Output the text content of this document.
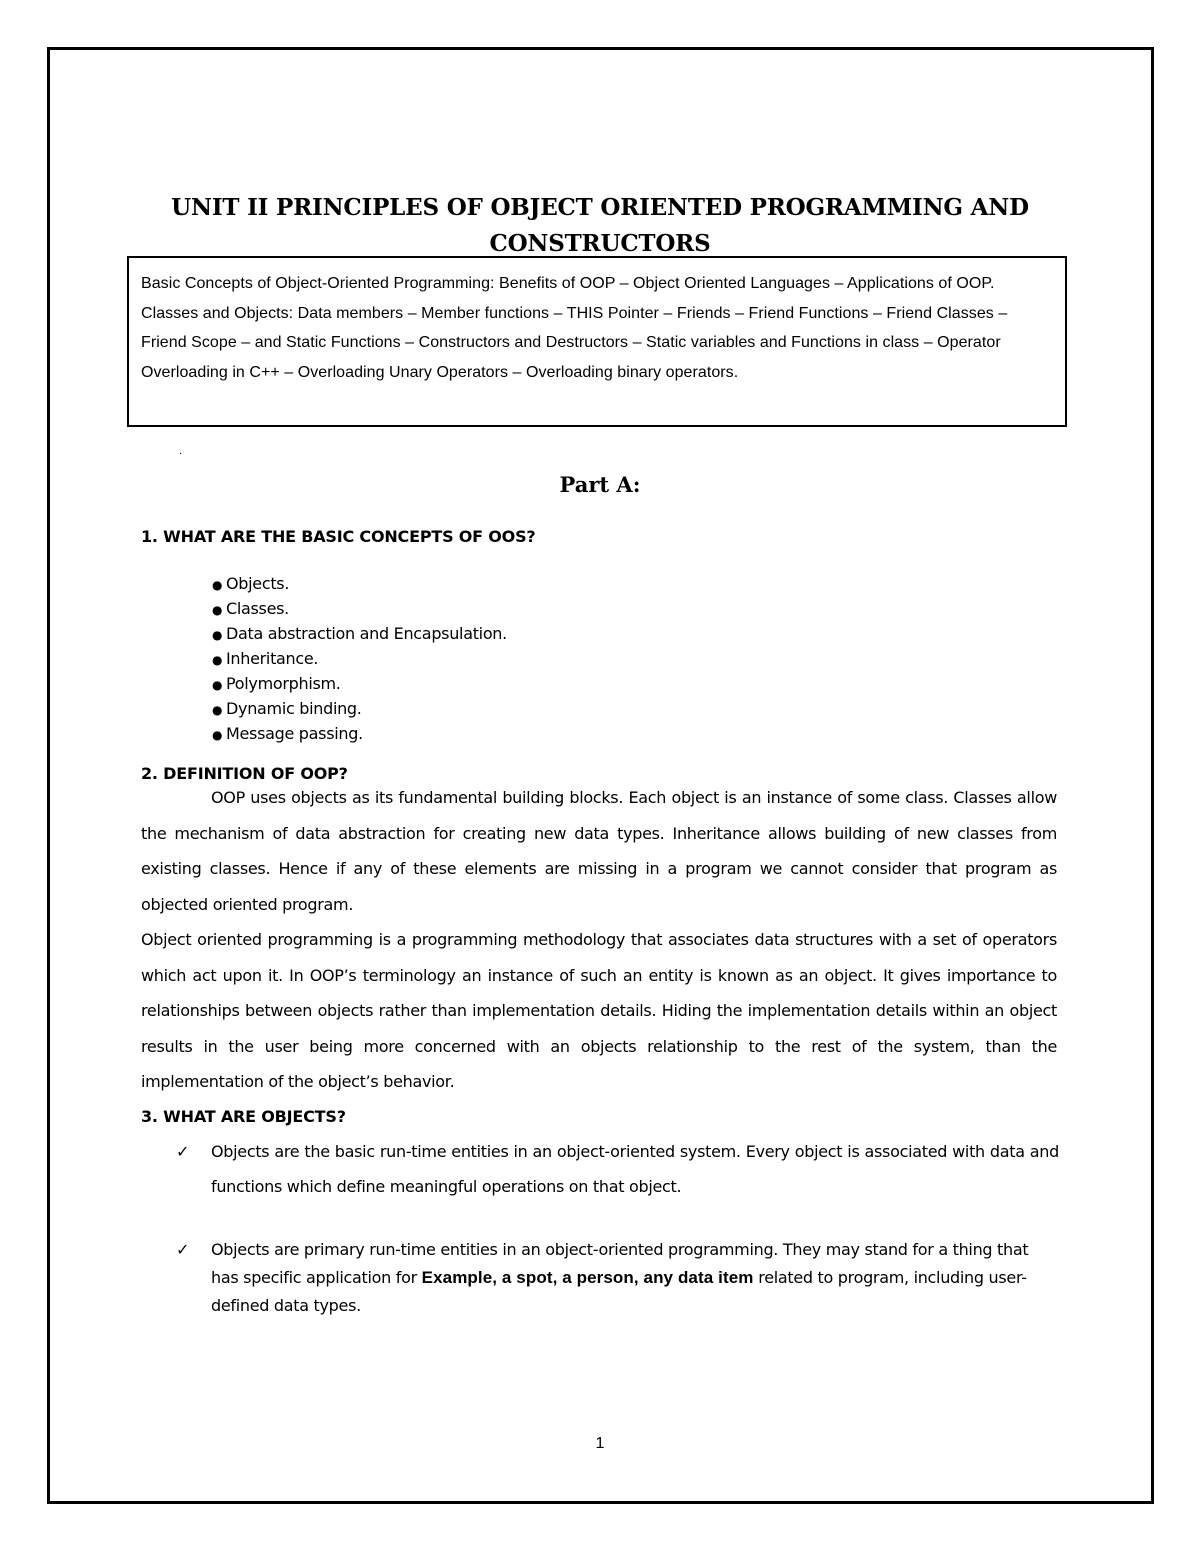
UNIT II PRINCIPLES OF OBJECT ORIENTED PROGRAMMING AND CONSTRUCTORS
Basic Concepts of Object-Oriented Programming: Benefits of OOP – Object Oriented Languages – Applications of OOP. Classes and Objects: Data members – Member functions – THIS Pointer – Friends – Friend Functions – Friend Classes – Friend Scope – and Static Functions – Constructors and Destructors – Static variables and Functions in class – Operator Overloading in C++ – Overloading Unary Operators – Overloading binary operators.
.
Part A:
1. WHAT ARE THE BASIC CONCEPTS OF OOS?
● Objects.
● Classes.
● Data abstraction and Encapsulation.
● Inheritance.
● Polymorphism.
● Dynamic binding.
● Message passing.
2. DEFINITION OF OOP?

OOP uses objects as its fundamental building blocks. Each object is an instance of some class. Classes allow the mechanism of data abstraction for creating new data types. Inheritance allows building of new classes from existing classes. Hence if any of these elements are missing in a program we cannot consider that program as objected oriented program.

Object oriented programming is a programming methodology that associates data structures with a set of operators which act upon it. In OOP’s terminology an instance of such an entity is known as an object. It gives importance to relationships between objects rather than implementation details. Hiding the implementation details within an object results in the user being more concerned with an objects relationship to the rest of the system, than the implementation of the object’s behavior.

3. WHAT ARE OBJECTS?
✓ Objects are the basic run-time entities in an object-oriented system. Every object is associated with data and functions which define meaningful operations on that object.
✓ Objects are primary run-time entities in an object-oriented programming. They may stand for a thing that has specific application for Example, a spot, a person, any data item related to program, including user-defined data types.
1
